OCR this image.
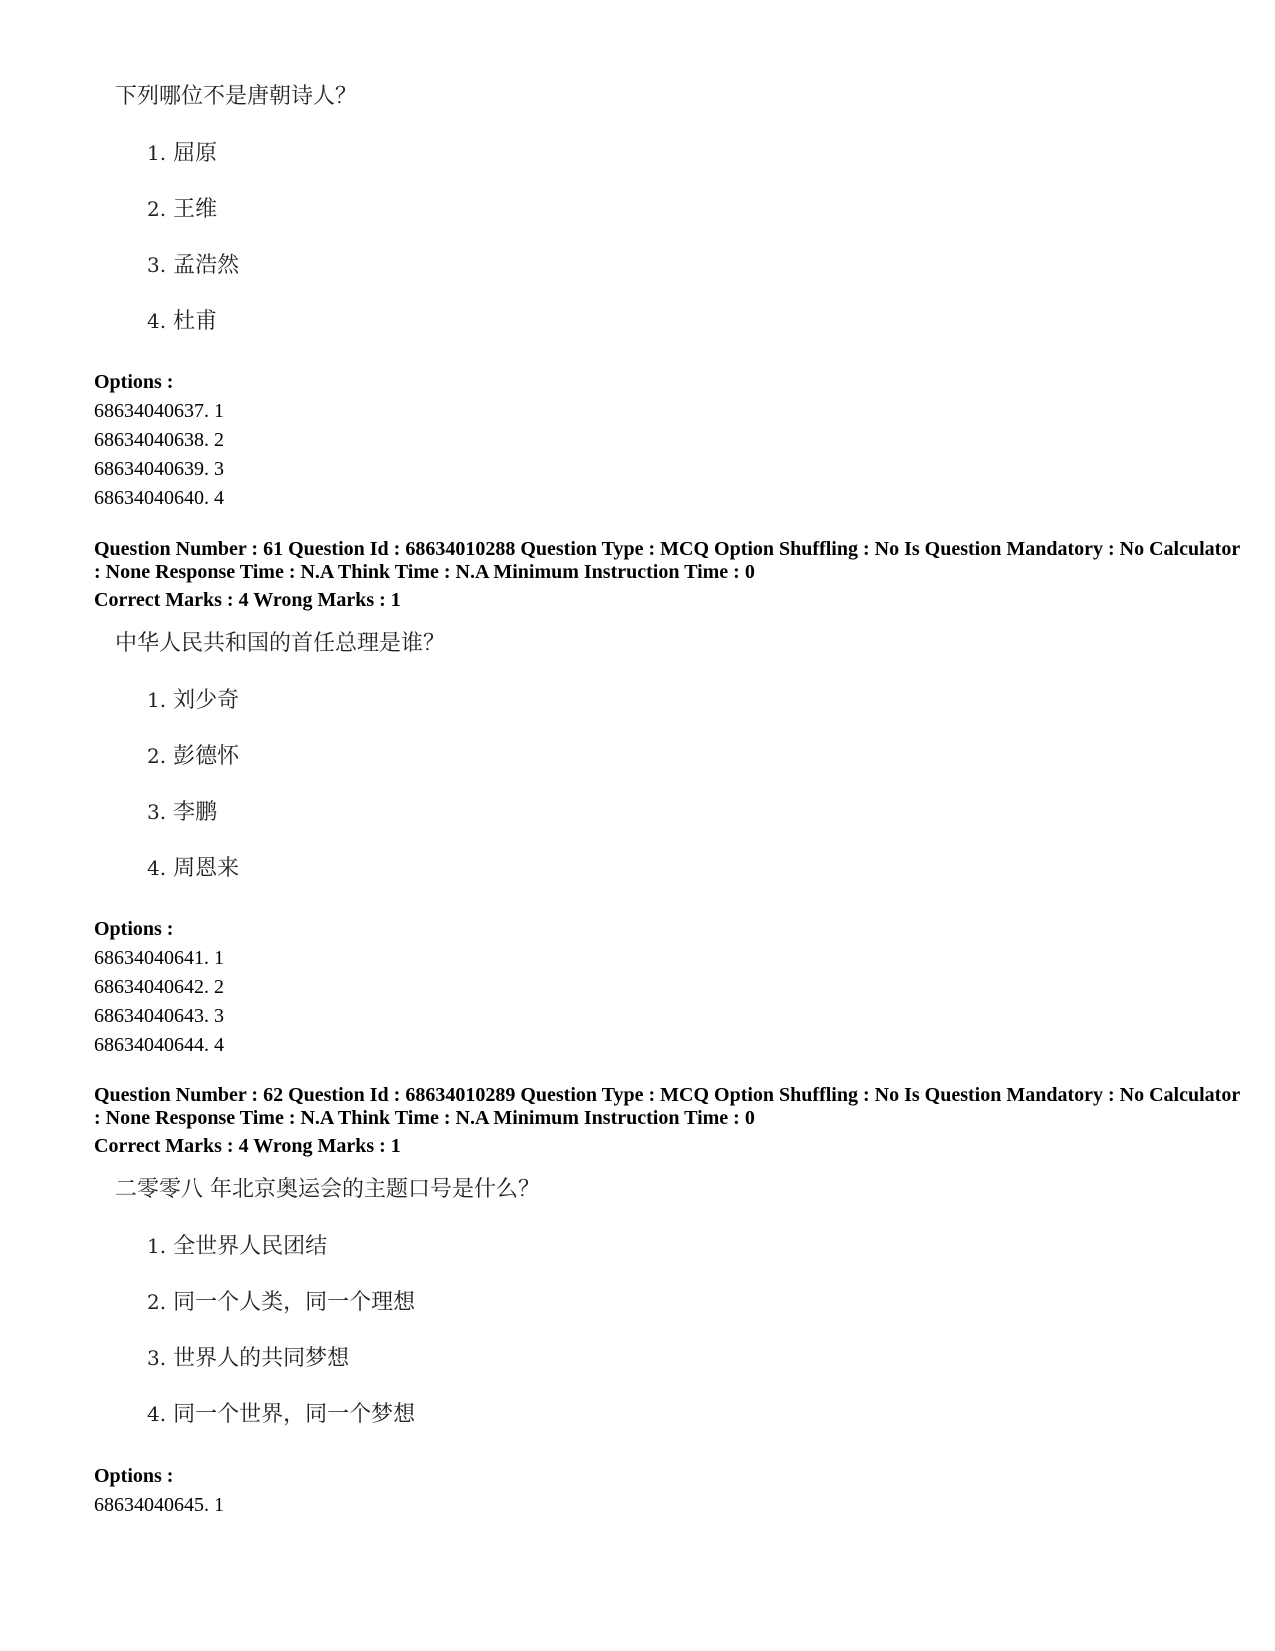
下列哪位不是唐朝诗人？
1. 屈原
2. 王维
3. 孟浩然
4. 杜甫
Options :
68634040637. 1
68634040638. 2
68634040639. 3
68634040640. 4
Question Number : 61 Question Id : 68634010288 Question Type : MCQ Option Shuffling : No Is Question Mandatory : No Calculator : None Response Time : N.A Think Time : N.A Minimum Instruction Time : 0
Correct Marks : 4 Wrong Marks : 1
中华人民共和国的首任总理是谁？
1. 刘少奇
2. 彭德怀
3. 李鹏
4. 周恩来
Options :
68634040641. 1
68634040642. 2
68634040643. 3
68634040644. 4
Question Number : 62 Question Id : 68634010289 Question Type : MCQ Option Shuffling : No Is Question Mandatory : No Calculator : None Response Time : N.A Think Time : N.A Minimum Instruction Time : 0
Correct Marks : 4 Wrong Marks : 1
二零零八 年北京奥运会的主题口号是什么？
1. 全世界人民团结
2. 同一个人类，同一个理想
3. 世界人的共同梦想
4. 同一个世界，同一个梦想
Options :
68634040645. 1
